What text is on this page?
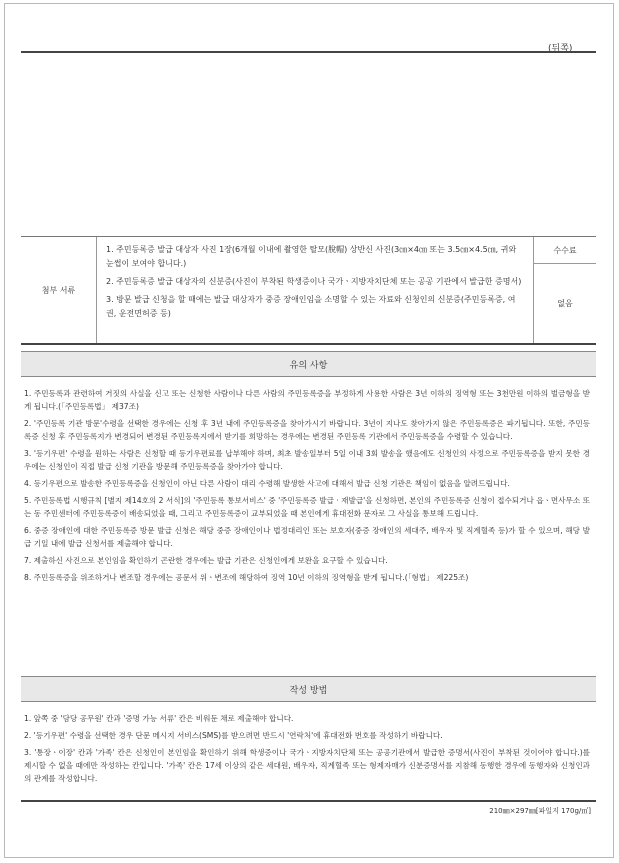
(뒤쪽)
첨부 서류
1. 주민등록증 발급 대상자 사진 1장(6개월 이내에 촬영한 탈모(脫帽) 상반신 사진(3㎝×4㎝ 또는 3.5㎝×4.5㎝, 귀와 눈썹이 보여야 합니다.)
2. 주민등록증 발급 대상자의 신분증(사진이 부착된 학생증이나 국가ㆍ지방자치단체 또는 공공 기관에서 발급한 증명서)
3. 방문 발급 신청을 할 때에는 발급 대상자가 중증 장애인임을 소명할 수 있는 자료와 신청인의 신분증(주민등록증, 여권, 운전면허증 등)
수수료
없음
유의 사항
1. 주민등록과 관련하여 거짓의 사실을 신고 또는 신청한 사람이나 다른 사람의 주민등록증을 부정하게 사용한 사람은 3년 이하의 징역형 또는 3천만원 이하의 벌금형을 받게 됩니다.(「주민등록법」 제37조)
2. '주민등록 기관 방문'수령을 선택한 경우에는 신청 후 3년 내에 주민등록증을 찾아가시기 바랍니다. 3년이 지나도 찾아가지 않은 주민등록증은 파기됩니다. 또한, 주민등록증 신청 후 주민등록지가 변경되어 변경된 주민등록지에서 받기를 희망하는 경우에는 변경된 주민등록 기관에서 주민등록증을 수령할 수 있습니다.
3. '등기우편' 수령을 원하는 사람은 신청할 때 등기우편료를 납부해야 하며, 최초 발송일부터 5일 이내 3회 발송을 했음에도 신청인의 사정으로 주민등록증을 받지 못한 경우에는 신청인이 직접 발급 신청 기관을 방문해 주민등록증을 찾아가야 합니다.
4. 등기우편으로 발송한 주민등록증을 신청인이 아닌 다른 사람이 대리 수령해 발생한 사고에 대해서 발급 신청 기관은 책임이 없음을 알려드립니다.
5. 주민등록법 시행규칙 [별지 제14호의 2 서식]의 '주민등록 통보서비스' 중 '주민등록증 발급 · 재발급'을 신청하면, 본인의 주민등록증 신청이 접수되거나 읍ㆍ면사무소 또는 동 주민센터에 주민등록증이 배송되었을 때, 그리고 주민등록증이 교부되었을 때 본인에게 휴대전화 문자로 그 사실을 통보해 드립니다.
6. 중증 장애인에 대한 주민등록증 방문 발급 신청은 해당 중증 장애인이나 법정대리인 또는 보호자(중증 장애인의 세대주, 배우자 및 직계혈족 등)가 할 수 있으며, 해당 발급 기일 내에 발급 신청서를 제출해야 합니다.
7. 제출하신 사진으로 본인임을 확인하기 곤란한 경우에는 발급 기관은 신청인에게 보완을 요구할 수 있습니다.
8. 주민등록증을 위조하거나 변조할 경우에는 공문서 위ㆍ변조에 해당하여 징역 10년 이하의 징역형을 받게 됩니다.(「형법」 제225조)
작성 방법
1. 앞쪽 중 '담당 공무원' 칸과 '증명 가능 서류' 칸은 비워둔 채로 제출해야 합니다.
2. '등기우편' 수령을 선택한 경우 단문 메시지 서비스(SMS)를 받으려면 반드시 '연락처'에 휴대전화 번호를 작성하기 바랍니다.
3. '통장ㆍ이장' 칸과 '가족' 칸은 신청인이 본인임을 확인하기 위해 학생증이나 국가ㆍ지방자치단체 또는 공공기관에서 발급한 증명서(사진이 부착된 것이어야 합니다.)를 제시할 수 없을 때에만 작성하는 칸입니다. '가족' 칸은 17세 이상의 같은 세대원, 배우자, 직계혈족 또는 형제자매가 신분증명서를 지참해 동행한 경우에 동행자와 신청인과의 관계를 작성합니다.
210㎜×297㎜[파일지 170g/㎡]
